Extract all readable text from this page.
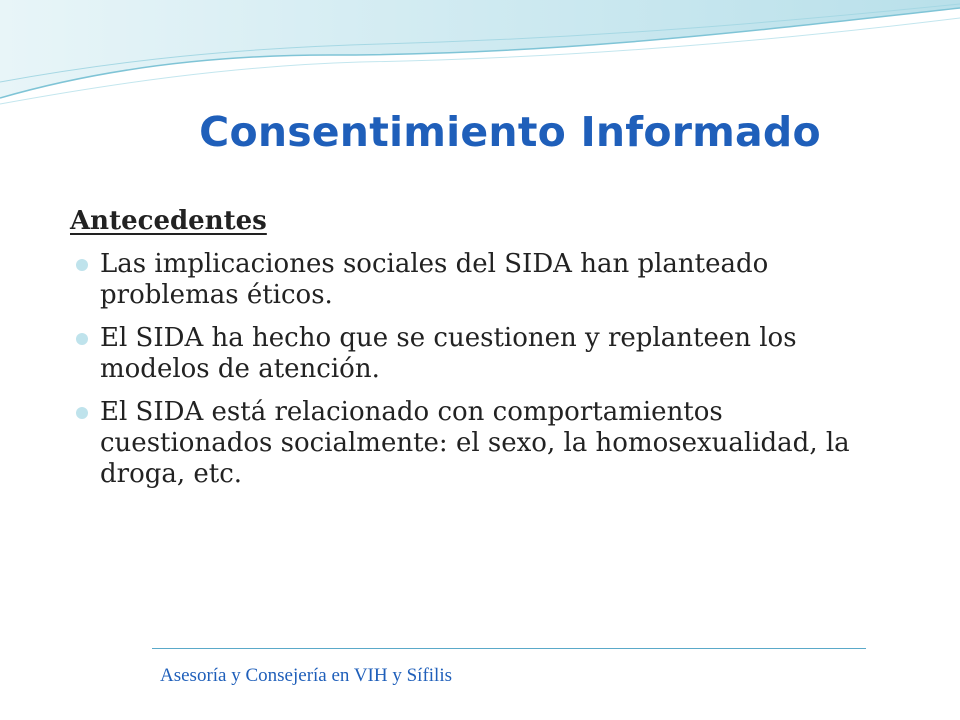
Consentimiento Informado
Antecedentes
Las implicaciones sociales del SIDA han planteado problemas éticos.
El SIDA ha hecho que se cuestionen y replanteen los modelos de atención.
El SIDA está relacionado con comportamientos cuestionados socialmente: el sexo, la homosexualidad, la droga, etc.
Asesoría y Consejería en VIH y Sífilis
